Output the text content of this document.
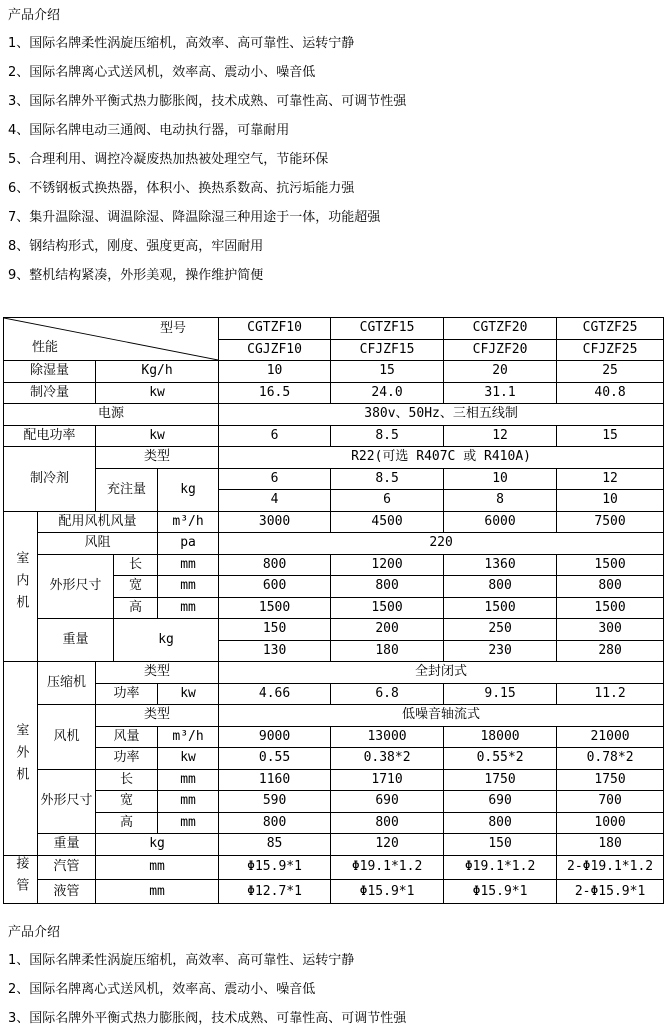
产品介绍
1、国际名牌柔性涡旋压缩机，高效率、高可靠性、运转宁静
2、国际名牌离心式送风机，效率高、震动小、噪音低
3、国际名牌外平衡式热力膨胀阀，技术成熟、可靠性高、可调节性强
4、国际名牌电动三通阀、电动执行器，可靠耐用
5、合理利用、调控冷凝废热加热被处理空气，节能环保
6、不锈钢板式换热器，体积小、换热系数高、抗污垢能力强
7、集升温除湿、调温除湿、降温除湿三种用途于一体，功能超强
8、钢结构形式，刚度、强度更高，牢固耐用
9、整机结构紧凑，外形美观，操作维护简便
型号
性能					CGTZF10	CGTZF15	CGTZF20	CGTZF25
					CGJZF10	CFJZF15	CFJZF20	CFJZF25
除湿量		Kg/h			10	15	20	25
制冷量		kw			16.5	24.0	31.1	40.8
电源					380v、50Hz、三相五线制			
配电功率		kw			6	8.5	12	15
制冷剂		类型			R22(可选 R407C 或 R410A)			
		充注量		kg	6	8.5	10	12
					4	6	8	10
室内机	配用风机风量			m³/h	3000	4500	6000	7500
	风阻			pa	220			
	外形尺寸		长	mm	800	1200	1360	1500
			宽	mm	600	800	800	800
			高	mm	1500	1500	1500	1500
	重量		kg		150	200	250	300
					130	180	230	280
室外机	压缩机	类型			全封闭式			
		功率		kw	4.66	6.8	9.15	11.2
	风机	类型			低噪音轴流式			
		风量		m³/h	9000	13000	18000	21000
		功率		kw	0.55	0.38*2	0.55*2	0.78*2
	外形尺寸	长		mm	1160	1710	1750	1750
		宽		mm	590	690	690	700
		高		mm	800	800	800	1000
	重量	kg			85	120	150	180
接管	汽管	mm			Φ15.9*1	Φ19.1*1.2	Φ19.1*1.2	2-Φ19.1*1.2
	液管	mm			Φ12.7*1	Φ15.9*1	Φ15.9*1	2-Φ15.9*1
产品介绍
1、国际名牌柔性涡旋压缩机，高效率、高可靠性、运转宁静
2、国际名牌离心式送风机，效率高、震动小、噪音低
3、国际名牌外平衡式热力膨胀阀，技术成熟、可靠性高、可调节性强
